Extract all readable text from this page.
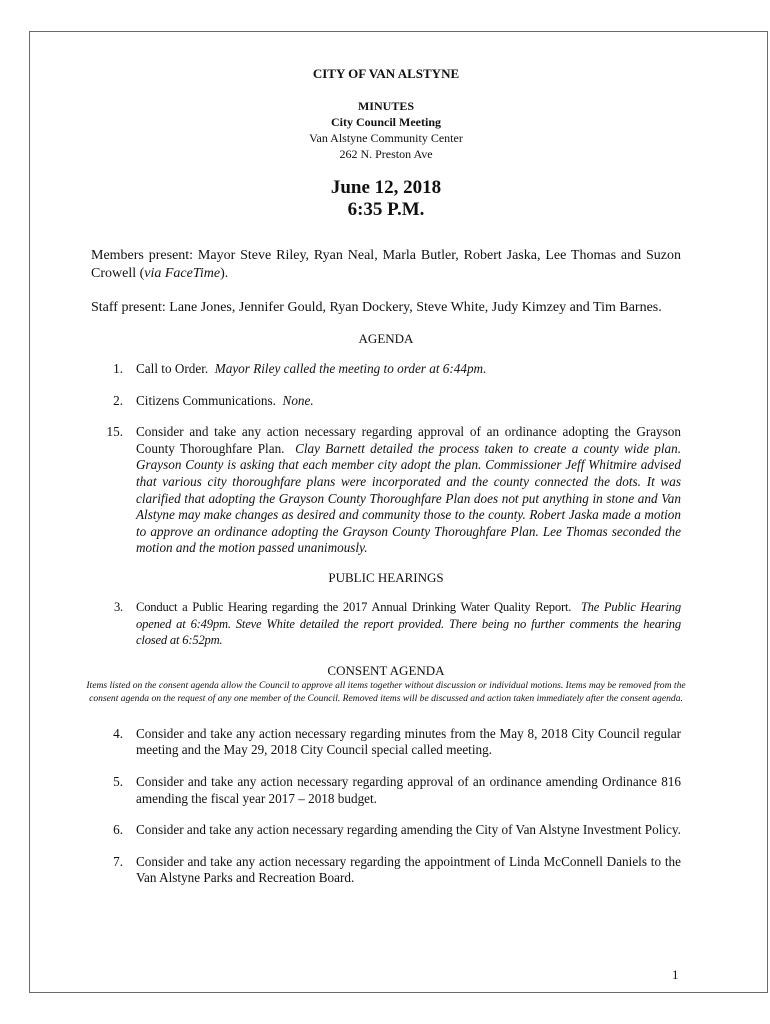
CITY OF VAN ALSTYNE
MINUTES
City Council Meeting
Van Alstyne Community Center
262 N. Preston Ave
June 12, 2018
6:35 P.M.
Members present: Mayor Steve Riley, Ryan Neal, Marla Butler, Robert Jaska, Lee Thomas and Suzon Crowell (via FaceTime).
Staff present: Lane Jones, Jennifer Gould, Ryan Dockery, Steve White, Judy Kimzey and Tim Barnes.
AGENDA
1. Call to Order. Mayor Riley called the meeting to order at 6:44pm.
2. Citizens Communications. None.
15. Consider and take any action necessary regarding approval of an ordinance adopting the Grayson County Thoroughfare Plan. Clay Barnett detailed the process taken to create a county wide plan. Grayson County is asking that each member city adopt the plan. Commissioner Jeff Whitmire advised that various city thoroughfare plans were incorporated and the county connected the dots. It was clarified that adopting the Grayson County Thoroughfare Plan does not put anything in stone and Van Alstyne may make changes as desired and community those to the county. Robert Jaska made a motion to approve an ordinance adopting the Grayson County Thoroughfare Plan. Lee Thomas seconded the motion and the motion passed unanimously.
PUBLIC HEARINGS
3. Conduct a Public Hearing regarding the 2017 Annual Drinking Water Quality Report. The Public Hearing opened at 6:49pm. Steve White detailed the report provided. There being no further comments the hearing closed at 6:52pm.
CONSENT AGENDA
Items listed on the consent agenda allow the Council to approve all items together without discussion or individual motions. Items may be removed from the consent agenda on the request of any one member of the Council. Removed items will be discussed and action taken immediately after the consent agenda.
4. Consider and take any action necessary regarding minutes from the May 8, 2018 City Council regular meeting and the May 29, 2018 City Council special called meeting.
5. Consider and take any action necessary regarding approval of an ordinance amending Ordinance 816 amending the fiscal year 2017 – 2018 budget.
6. Consider and take any action necessary regarding amending the City of Van Alstyne Investment Policy.
7. Consider and take any action necessary regarding the appointment of Linda McConnell Daniels to the Van Alstyne Parks and Recreation Board.
1
